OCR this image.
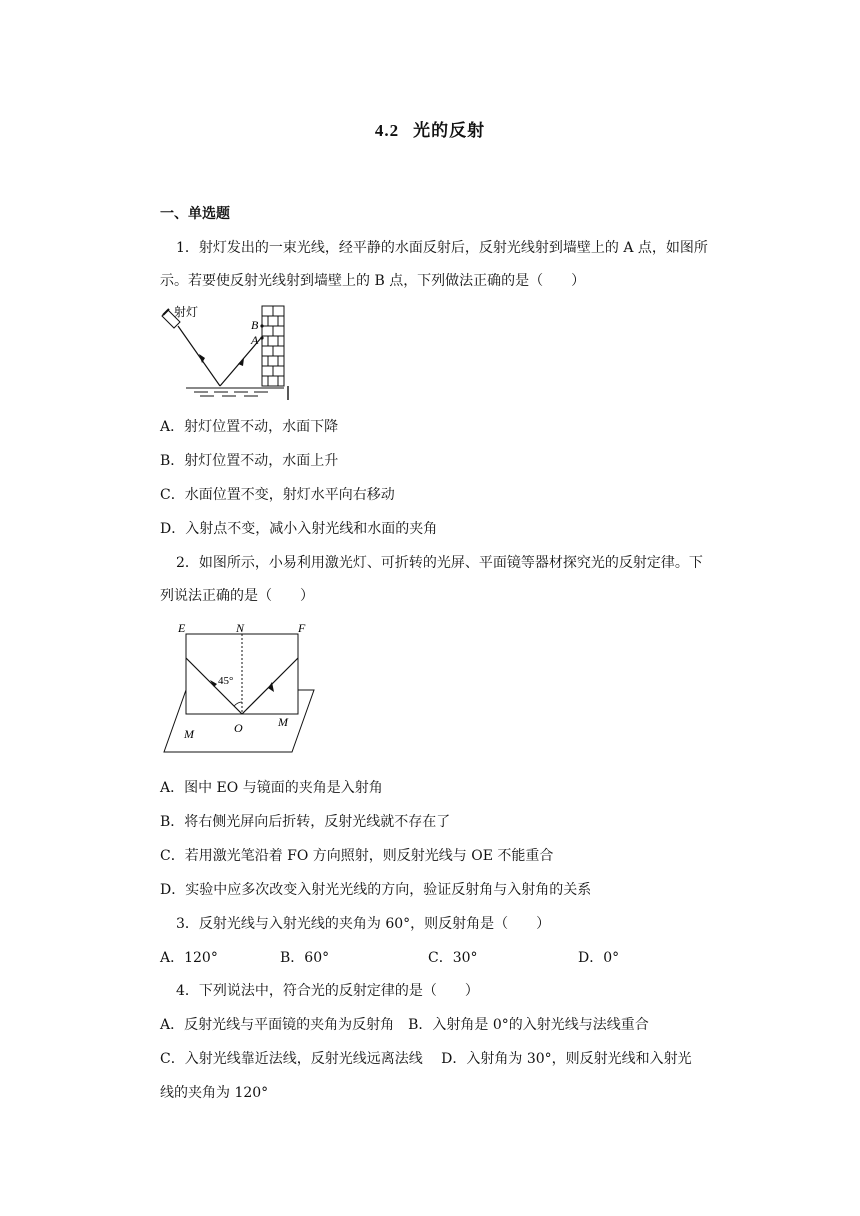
4.2 光的反射
一、单选题
1．射灯发出的一束光线，经平静的水面反射后，反射光线射到墙壁上的 A 点，如图所
示。若要使反射光线射到墙壁上的 B 点，下列做法正确的是（　　）
射灯
B
A
A．射灯位置不动，水面下降
B．射灯位置不动，水面上升
C．水面位置不变，射灯水平向右移动
D．入射点不变，减小入射光线和水面的夹角
2．如图所示，小易利用激光灯、可折转的光屏、平面镜等器材探究光的反射定律。下
列说法正确的是（　　）
E	N	F
45°
O
M
M
A．图中 EO 与镜面的夹角是入射角
B．将右侧光屏向后折转，反射光线就不存在了
C．若用激光笔沿着 FO 方向照射，则反射光线与 OE 不能重合
D．实验中应多次改变入射光光线的方向，验证反射角与入射角的关系
3．反射光线与入射光线的夹角为 60°，则反射角是（　　）
A．120°	B．60°	C．30°	D．0°
4．下列说法中，符合光的反射定律的是（　　）
A．反射光线与平面镜的夹角为反射角　B．入射角是 0°的入射光线与法线重合
C．入射光线靠近法线，反射光线远离法线　 D．入射角为 30°，则反射光线和入射光
线的夹角为 120°
